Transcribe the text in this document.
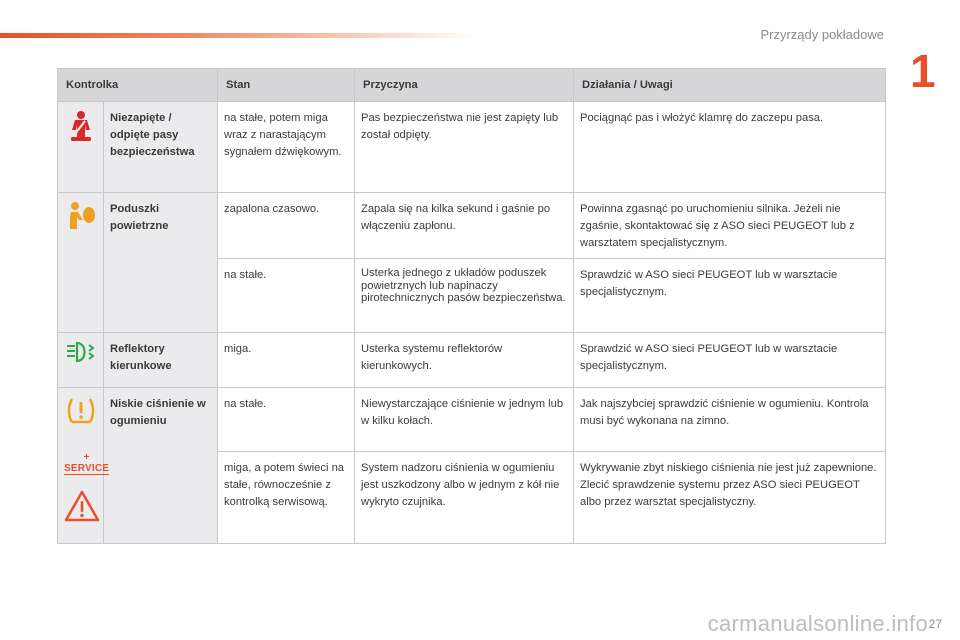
Przyrządy pokładowe
1
Kontrolka		Stan	Przyczyna	Działania / Uwagi

	Niezapięte / odpięte pasy bezpieczeństwa	na stałe, potem miga wraz z narastającym sygnałem dźwiękowym.	Pas bezpieczeństwa nie jest zapięty lub został odpięty.	Pociągnąć pas i włożyć klamrę do zaczepu pasa.

	Poduszki powietrzne	zapalona czasowo.	Zapala się na kilka sekund i gaśnie po włączeniu zapłonu.	Powinna zgasnąć po uruchomieniu silnika. Jeżeli nie zgaśnie, skontaktować się z ASO sieci PEUGEOT lub z warsztatem specjalistycznym.
		na stałe.	Usterka jednego z układów poduszek powietrznych lub napinaczy pirotechnicznych pasów bezpieczeństwa.	Sprawdzić w ASO sieci PEUGEOT lub w warsztacie specjalistycznym.

	Reflektory kierunkowe	miga.	Usterka systemu reflektorów kierunkowych.	Sprawdzić w ASO sieci PEUGEOT lub w warsztacie specjalistycznym.

+
SERVICE	Niskie ciśnienie w ogumieniu	na stałe.	Niewystarczające ciśnienie w jednym lub w kilku kołach.	Jak najszybciej sprawdzić ciśnienie w ogumieniu. Kontrola musi być wykonana na zimno.
		miga, a potem świeci na stałe, równocześnie z kontrolką serwisową.	System nadzoru ciśnienia w ogumieniu jest uszkodzony albo w jednym z kół nie wykryto czujnika.	Wykrywanie zbyt niskiego ciśnienia nie jest już zapewnione. Zlecić sprawdzenie systemu przez ASO sieci PEUGEOT albo przez warsztat specjalistyczny.
carmanualsonline.info 27
